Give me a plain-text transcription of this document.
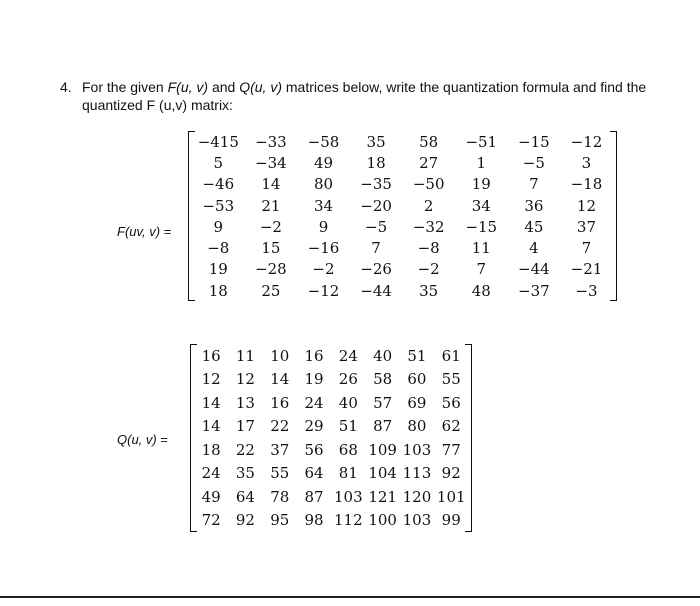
4. For the given F(u, v) and Q(u, v) matrices below, write the quantization formula and find the quantized F (u,v) matrix:
F(uv, v) =
−415	−33	−58	35	58	−51	−15	−12
5	−34	49	18	27	1	−5	3
−46	14	80	−35	−50	19	7	−18
−53	21	34	−20	2	34	36	12
9	−2	9	−5	−32	−15	45	37
−8	15	−16	7	−8	11	4	7
19	−28	−2	−26	−2	7	−44	−21
18	25	−12	−44	35	48	−37	−3
Q(u, v) =
16	11	10	16	24	40	51	61
12	12	14	19	26	58	60	55
14	13	16	24	40	57	69	56
14	17	22	29	51	87	80	62
18	22	37	56	68	109	103	77
24	35	55	64	81	104	113	92
49	64	78	87	103	121	120	101
72	92	95	98	112	100	103	99
